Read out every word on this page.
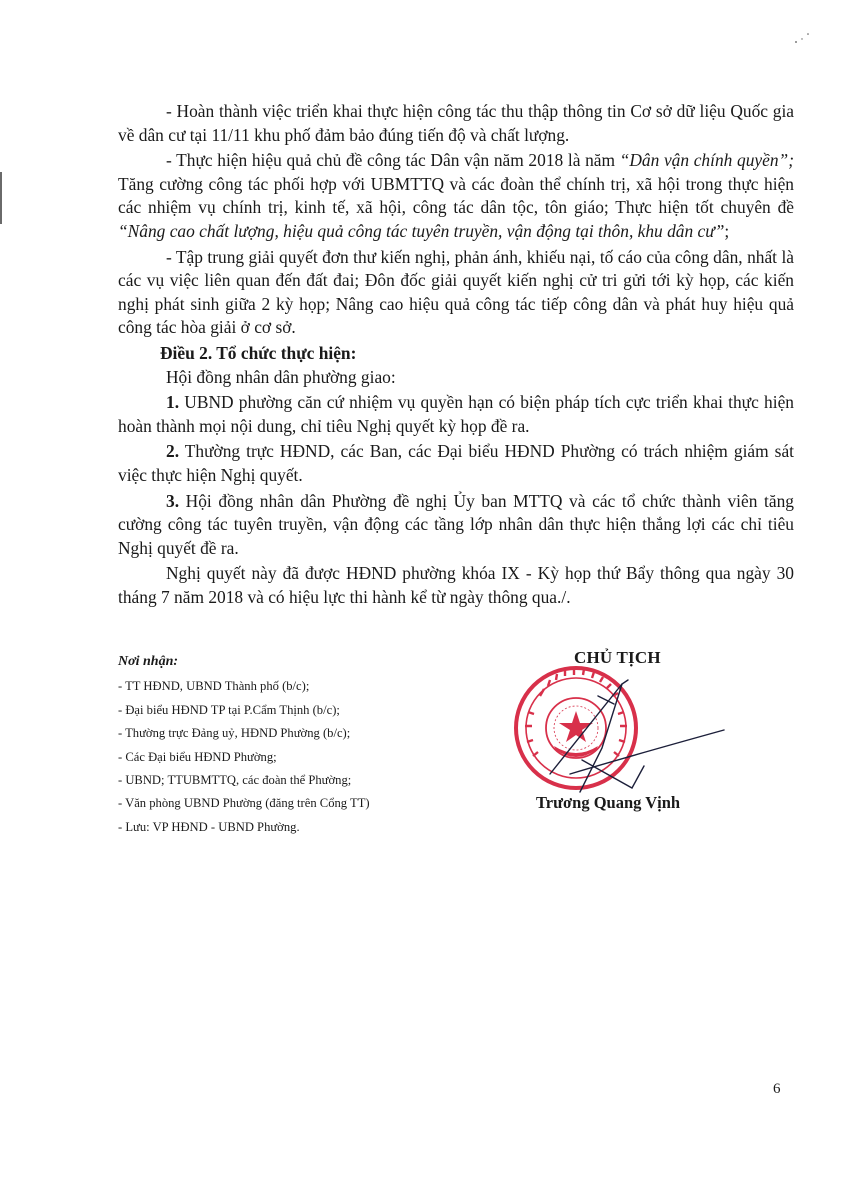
- Hoàn thành việc triển khai thực hiện công tác thu thập thông tin Cơ sở dữ liệu Quốc gia về dân cư tại 11/11 khu phố đảm bảo đúng tiến độ và chất lượng.

- Thực hiện hiệu quả chủ đề công tác Dân vận năm 2018 là năm “Dân vận chính quyền”; Tăng cường công tác phối hợp với UBMTTQ và các đoàn thể chính trị, xã hội trong thực hiện các nhiệm vụ chính trị, kinh tế, xã hội, công tác dân tộc, tôn giáo; Thực hiện tốt chuyên đề “Nâng cao chất lượng, hiệu quả công tác tuyên truyền, vận động tại thôn, khu dân cư”;

- Tập trung giải quyết đơn thư kiến nghị, phản ánh, khiếu nại, tố cáo của công dân, nhất là các vụ việc liên quan đến đất đai; Đôn đốc giải quyết kiến nghị cử tri gửi tới kỳ họp, các kiến nghị phát sinh giữa 2 kỳ họp; Nâng cao hiệu quả công tác tiếp công dân và phát huy hiệu quả công tác hòa giải ở cơ sở.

Điều 2. Tổ chức thực hiện:

Hội đồng nhân dân phường giao:

1. UBND phường căn cứ nhiệm vụ quyền hạn có biện pháp tích cực triển khai thực hiện hoàn thành mọi nội dung, chỉ tiêu Nghị quyết kỳ họp đề ra.

2. Thường trực HĐND, các Ban, các Đại biểu HĐND Phường có trách nhiệm giám sát việc thực hiện Nghị quyết.

3. Hội đồng nhân dân Phường đề nghị Ủy ban MTTQ và các tổ chức thành viên tăng cường công tác tuyên truyền, vận động các tầng lớp nhân dân thực hiện thắng lợi các chỉ tiêu Nghị quyết đề ra.

Nghị quyết này đã được HĐND phường khóa IX - Kỳ họp thứ Bẩy thông qua ngày 30 tháng 7 năm 2018 và có hiệu lực thi hành kể từ ngày thông qua./.

Nơi nhận:

- TT HĐND, UBND Thành phố (b/c);
- Đại biểu HĐND TP tại P.Cẩm Thịnh (b/c);
- Thường trực Đảng uỷ, HĐND Phường (b/c);
- Các Đại biểu HĐND Phường;
- UBND; TTUBMTTQ, các đoàn thể Phường;
- Văn phòng UBND Phường (đăng trên Cổng TT)
- Lưu: VP HĐND - UBND Phường.
CHỦ TỊCH
Trương Quang Vịnh
6
